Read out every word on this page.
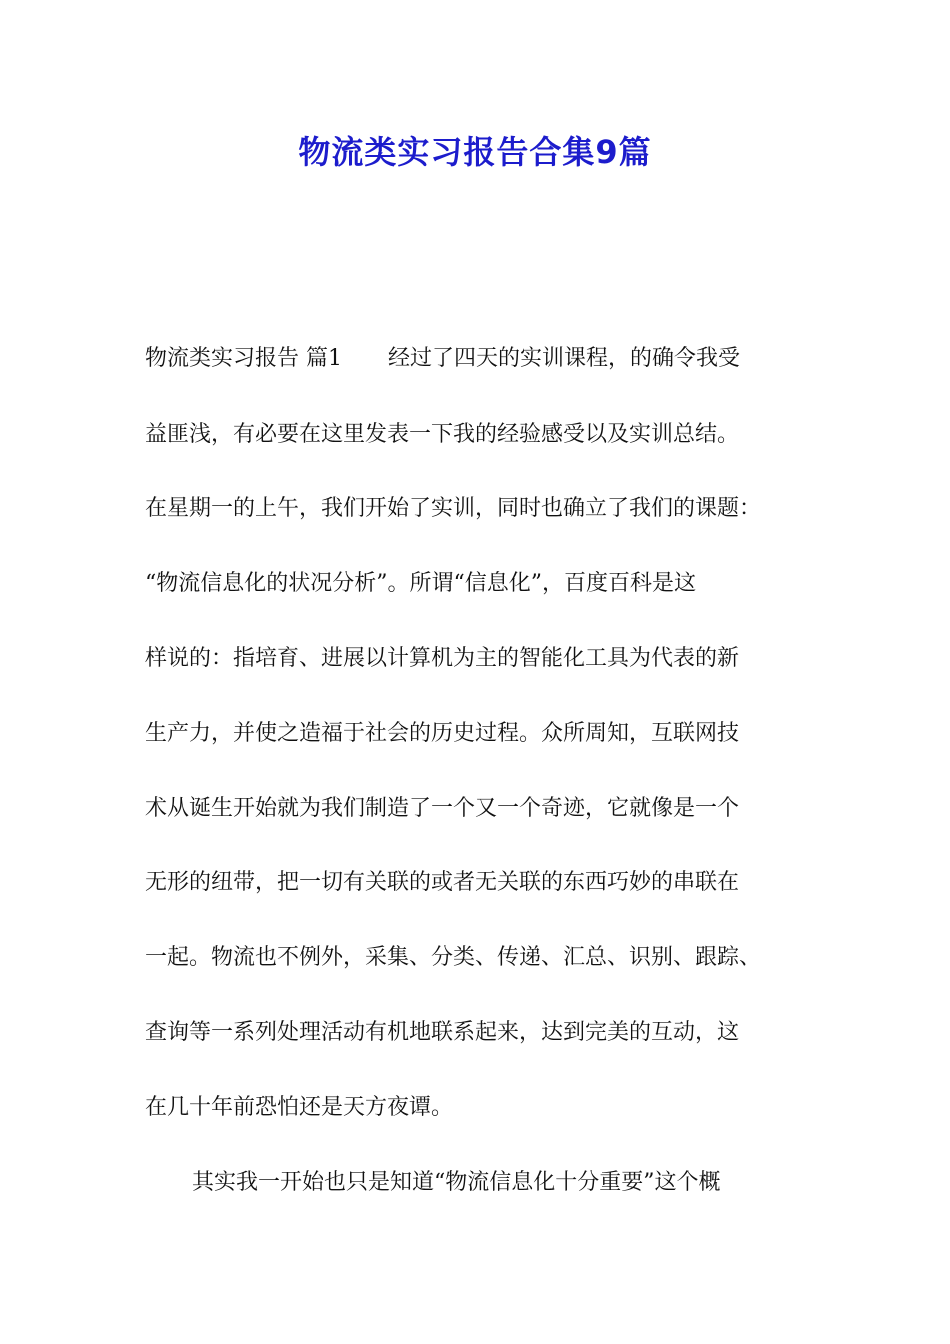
物流类实习报告合集9篇
物流类实习报告 篇1 经过了四天的实训课程，的确令我受
益匪浅，有必要在这里发表一下我的经验感受以及实训总结。
在星期一的上午，我们开始了实训，同时也确立了我们的课题：
“物流信息化的状况分析”。所谓“信息化”，百度百科是这
样说的：指培育、进展以计算机为主的智能化工具为代表的新
生产力，并使之造福于社会的历史过程。众所周知，互联网技
术从诞生开始就为我们制造了一个又一个奇迹，它就像是一个
无形的纽带，把一切有关联的或者无关联的东西巧妙的串联在
一起。物流也不例外，采集、分类、传递、汇总、识别、跟踪、
查询等一系列处理活动有机地联系起来，达到完美的互动，这
在几十年前恐怕还是天方夜谭。
其实我一开始也只是知道“物流信息化十分重要”这个概
